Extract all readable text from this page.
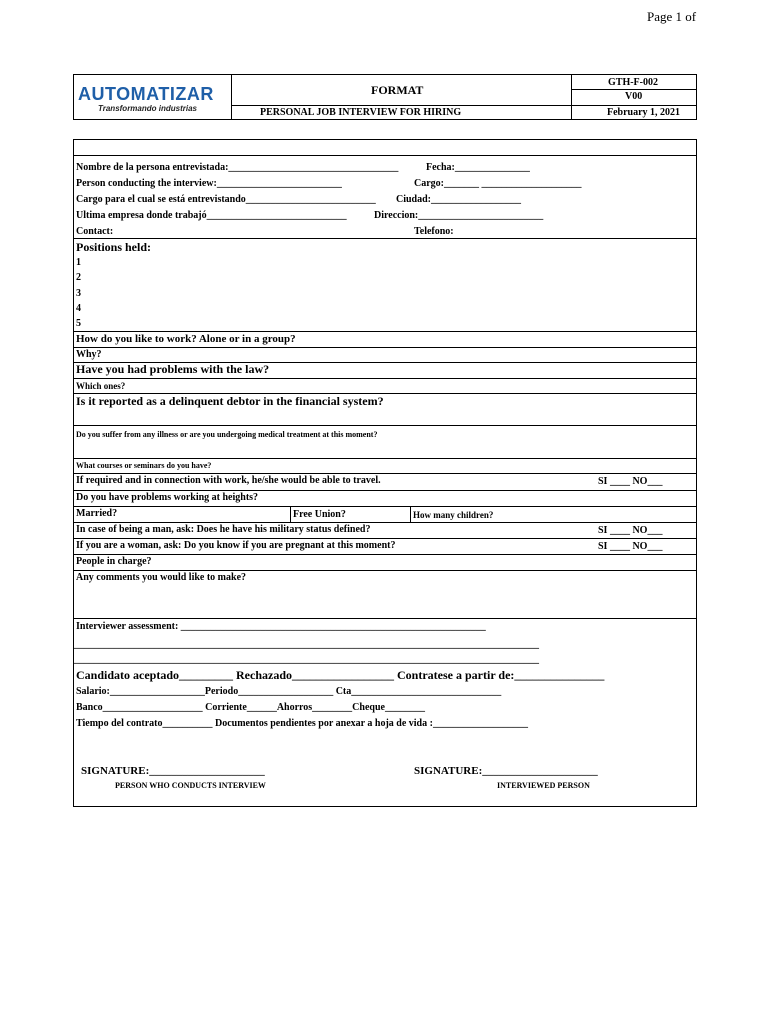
Page 1 of
AUTOMATIZAR
Transformando industrias
FORMAT
PERSONAL JOB INTERVIEW FOR HIRING
GTH-F-002
V00
February 1, 2021
Nombre de la persona entrevistada:__________________________________	Fecha:_______________
Person conducting the interview:_________________________	Cargo:_______ ____________________
Cargo para el cual se está entrevistando__________________________ Ciudad:__________________
Ultima empresa donde trabajó____________________________	Direccion:_________________________
Contact:	Telefono:
Positions held:
1
2
3
4
5
How do you like to work? Alone or in a group?
Why?
Have you had problems with the law?
Which ones?
Is it reported as a delinquent debtor in the financial system?
Do you suffer from any illness or are you undergoing medical treatment at this moment?
What courses or seminars do you have?
If required and in connection with work, he/she would be able to travel.	SI ____ NO___
Do you have problems working at heights?
Married?	Free Union?	How many children?
In case of being a man, ask: Does he have his military status defined?	SI ____ NO___
If you are a woman, ask: Do you know if you are pregnant at this moment?	SI ____ NO___
People in charge?
Any comments you would like to make?
Interviewer assessment: _____________________________________________________________
_____________________________________________________________________________________________
_____________________________________________________________________________________________
Candidato aceptado_________ Rechazado_________________ Contratese a partir de:_______________
Salario:___________________Periodo___________________ Cta______________________________
Banco____________________ Corriente______Ahorros________Cheque________
Tiempo del contrato__________ Documentos pendientes por anexar a hoja de vida :___________________
SIGNATURE:_____________________
PERSON WHO CONDUCTS INTERVIEW
SIGNATURE:_____________________
INTERVIEWED PERSON
